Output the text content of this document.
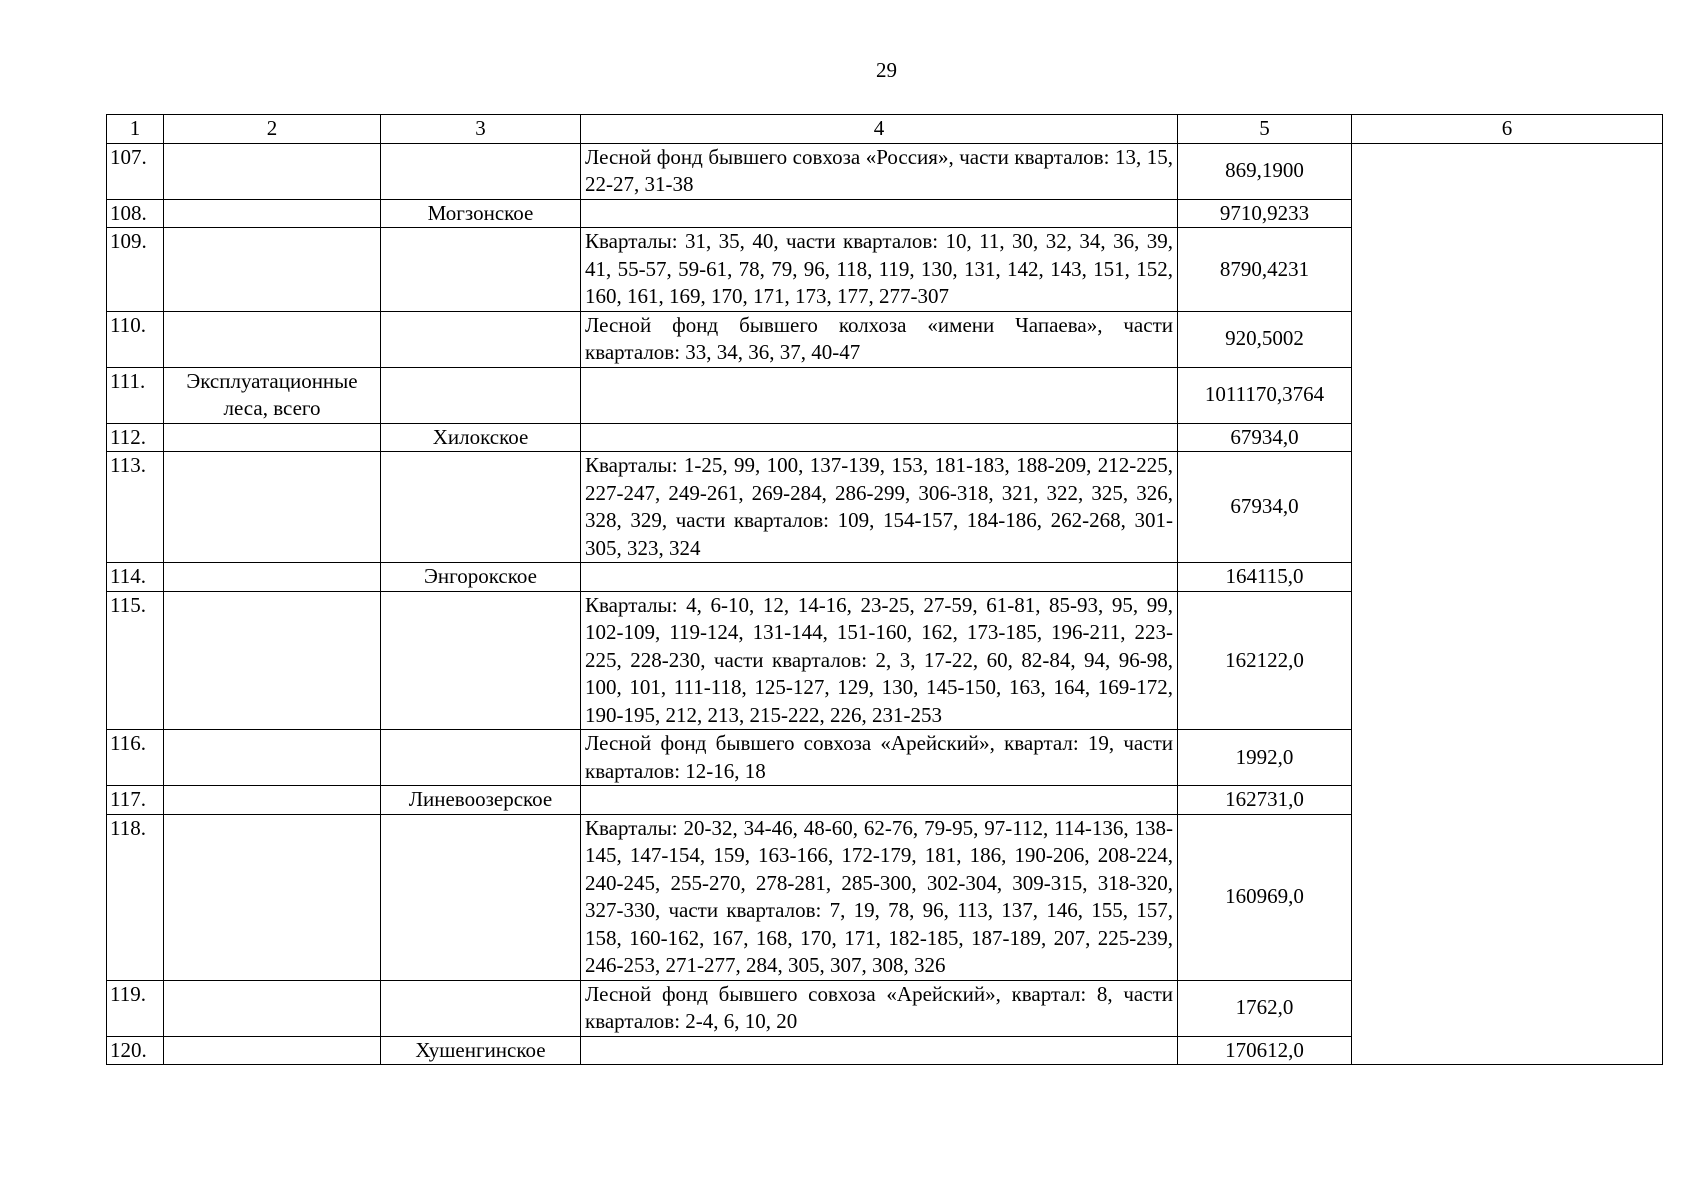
29
1	2	3	4	5	6
107.			Лесной фонд бывшего совхоза «Россия», части кварталов: 13, 15, 22-27, 31-38	869,1900	
108.		Могзонское		9710,9233	
109.			Кварталы: 31, 35, 40, части кварталов: 10, 11, 30, 32, 34, 36, 39, 41, 55-57, 59-61, 78, 79, 96, 118, 119, 130, 131, 142, 143, 151, 152, 160, 161, 169, 170, 171, 173, 177, 277-307	8790,4231	
110.			Лесной фонд бывшего колхоза «имени Чапаева», части кварталов: 33, 34, 36, 37, 40-47	920,5002	
111.	Эксплуатационные леса, всего			1011170,3764	
112.		Хилокское		67934,0	
113.			Кварталы: 1-25, 99, 100, 137-139, 153, 181-183, 188-209, 212-225, 227-247, 249-261, 269-284, 286-299, 306-318, 321, 322, 325, 326, 328, 329, части кварталов: 109, 154-157, 184-186, 262-268, 301-305, 323, 324	67934,0	
114.		Энгорокское		164115,0	
115.			Кварталы: 4, 6-10, 12, 14-16, 23-25, 27-59, 61-81, 85-93, 95, 99, 102-109, 119-124, 131-144, 151-160, 162, 173-185, 196-211, 223-225, 228-230, части кварталов: 2, 3, 17-22, 60, 82-84, 94, 96-98, 100, 101, 111-118, 125-127, 129, 130, 145-150, 163, 164, 169-172, 190-195, 212, 213, 215-222, 226, 231-253	162122,0	
116.			Лесной фонд бывшего совхоза «Арейский», квартал: 19, части кварталов: 12-16, 18	1992,0	
117.		Линевоозерское		162731,0	
118.			Кварталы: 20-32, 34-46, 48-60, 62-76, 79-95, 97-112, 114-136, 138-145, 147-154, 159, 163-166, 172-179, 181, 186, 190-206, 208-224, 240-245, 255-270, 278-281, 285-300, 302-304, 309-315, 318-320, 327-330, части кварталов: 7, 19, 78, 96, 113, 137, 146, 155, 157, 158, 160-162, 167, 168, 170, 171, 182-185, 187-189, 207, 225-239, 246-253, 271-277, 284, 305, 307, 308, 326	160969,0	
119.			Лесной фонд бывшего совхоза «Арейский», квартал: 8, части кварталов: 2-4, 6, 10, 20	1762,0	
120.		Хушенгинское		170612,0	
